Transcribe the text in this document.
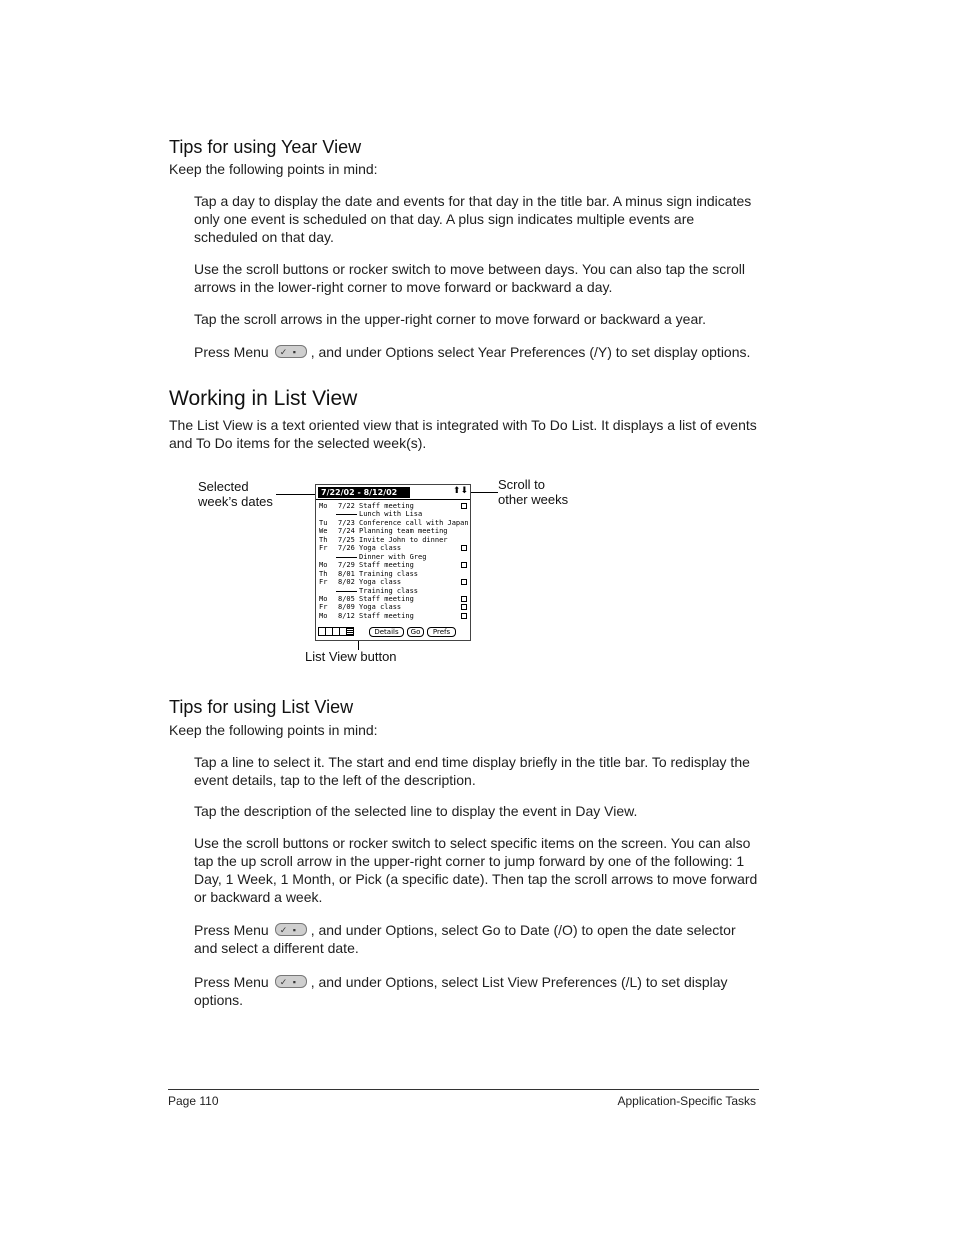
Tips for using Year View
Keep the following points in mind:
Tap a day to display the date and events for that day in the title bar. A minus sign indicates only one event is scheduled on that day. A plus sign indicates multiple events are scheduled on that day.
Use the scroll buttons or rocker switch to move between days. You can also tap the scroll arrows in the lower-right corner to move forward or backward a day.
Tap the scroll arrows in the upper-right corner to move forward or backward a year.
Press Menu ✓ ▪	, and under Options select Year Preferences (/Y) to set display options.
Working in List View
The List View is a text oriented view that is integrated with To Do List. It displays a list of events and To Do items for the selected week(s).
Selected
week’s dates
Scroll to
other weeks
List View button
7/22/02 - 8/12/02	⬆⬇
Mo 7/22 Staff meeting
Lunch with Lisa
Tu 7/23 Conference call with Japan
We 7/24 Planning team meeting
Th 7/25 Invite John to dinner
Fr 7/26 Yoga class
Dinner with Greg
Mo 7/29 Staff meeting
Th 8/01 Training class
Fr 8/02 Yoga class
Training class
Mo 8/05 Staff meeting
Fr 8/09 Yoga class
Mo 8/12 Staff meeting
Details	Go	Prefs
Tips for using List View
Keep the following points in mind:
Tap a line to select it. The start and end time display briefly in the title bar. To redisplay the event details, tap to the left of the description.
Tap the description of the selected line to display the event in Day View.
Use the scroll buttons or rocker switch to select specific items on the screen. You can also tap the up scroll arrow in the upper-right corner to jump forward by one of the following: 1 Day, 1 Week, 1 Month, or Pick (a specific date). Then tap the scroll arrows to move forward or backward a week.
Press Menu ✓ ▪	, and under Options, select Go to Date (/O) to open the date selector and select a different date.
Press Menu ✓ ▪	, and under Options, select List View Preferences (/L) to set display options.
Page 110	Application-Specific Tasks
